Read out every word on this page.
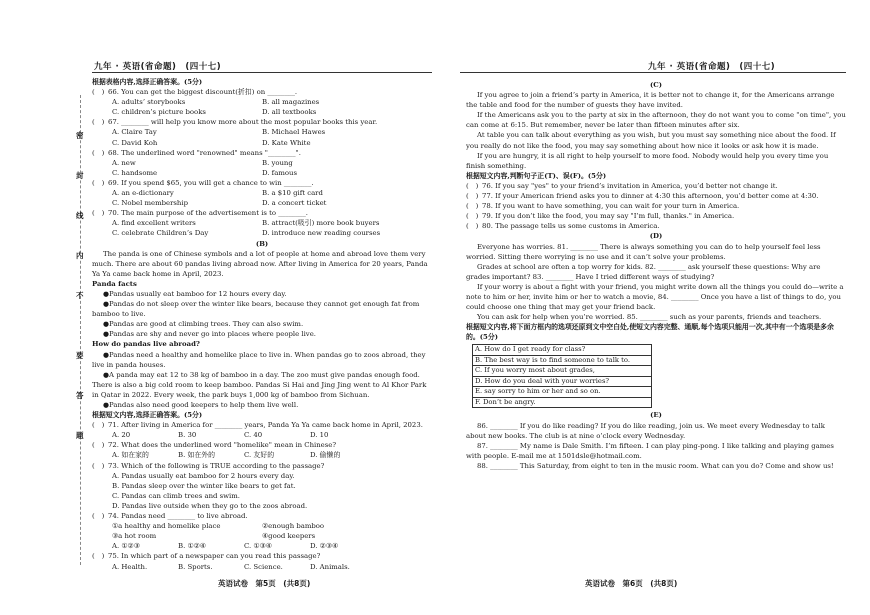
九年 · 英语(省命题)　(四十七)
密
封
线
内
不
要
答
题

根据表格内容,选择正确答案。(5分)

(　) 66. You can get the biggest discount(折扣) on ________.

A. adults’ storybooks	B. all magazines

C. children’s picture books	D. all textbooks

(　) 67. ________ will help you know more about the most popular books this year.

A. Claire Tay	B. Michael Hawes

C. David Koh	D. Kate White

(　) 68. The underlined word "renowned" means "________".

A. new	B. young

C. handsome	D. famous

(　) 69. If you spend $65, you will get a chance to win ________.

A. an e-dictionary	B. a $10 gift card

C. Nobel membership	D. a concert ticket

(　) 70. The main purpose of the advertisement is to ________.

A. find excellent writers	B. attract(吸引) more book buyers

C. celebrate Children’s Day	D. introduce new reading courses

(B)

The panda is one of Chinese symbols and a lot of people at home and abroad love them very much. There are about 60 pandas living abroad now. After living in America for 20 years, Panda Ya Ya came back home in April, 2023.

Panda facts

● Pandas usually eat bamboo for 12 hours every day.

● Pandas do not sleep over the winter like bears, because they cannot get enough fat from bamboo to live.

● Pandas are good at climbing trees. They can also swim.

● Pandas are shy and never go into places where people live.

How do pandas live abroad?

● Pandas need a healthy and homelike place to live in. When pandas go to zoos abroad, they live in panda houses.

● A panda may eat 12 to 38 kg of bamboo in a day. The zoo must give pandas enough food. There is also a big cold room to keep bamboo. Pandas Si Hai and Jing Jing went to Al Khor Park in Qatar in 2022. Every week, the park buys 1,000 kg of bamboo from Sichuan.

● Pandas also need good keepers to help them live well.

根据短文内容,选择正确答案。(5分)

(　) 71. After living in America for ________ years, Panda Ya Ya came back home in April, 2023.

A. 20	B. 30	C. 40	D. 10

(　) 72. What does the underlined word "homelike" mean in Chinese?

A. 如在家的	B. 如在外的	C. 友好的	D. 偷懒的

(　) 73. Which of the following is TRUE according to the passage?

A. Pandas usually eat bamboo for 2 hours every day.

B. Pandas sleep over the winter like bears to get fat.

C. Pandas can climb trees and swim.

D. Pandas live outside when they go to the zoos abroad.

(　) 74. Pandas need ________ to live abroad.

①a healthy and homelike place	②enough bamboo

③a hot room	④good keepers

A. ①②③	B. ①②④	C. ①③④	D. ②③④

(　) 75. In which part of a newspaper can you read this passage?

A. Health.	B. Sports.	C. Science.	D. Animals.

英语试卷　第5页　(共8页)
九年 · 英语(省命题)　(四十七)

(C)

If you agree to join a friend’s party in America, it is better not to change it, for the Americans arrange the table and food for the number of guests they have invited.

If the Americans ask you to the party at six in the afternoon, they do not want you to come "on time", you can come at 6:15. But remember, never be later than fifteen minutes after six.

At table you can talk about everything as you wish, but you must say something nice about the food. If you really do not like the food, you may say something about how nice it looks or ask how it is made.

If you are hungry, it is all right to help yourself to more food. Nobody would help you every time you finish something.

根据短文内容,判断句子正(T)、误(F)。(5分)

(　) 76. If you say "yes" to your friend’s invitation in America, you’d better not change it.

(　) 77. If your American friend asks you to dinner at 4:30 this afternoon, you’d better come at 4:30.

(　) 78. If you want to have something, you can wait for your turn in America.

(　) 79. If you don’t like the food, you may say "I’m full, thanks." in America.

(　) 80. The passage tells us some customs in America.

(D)

Everyone has worries. 81. ________ There is always something you can do to help yourself feel less worried. Sitting there worrying is no use and it can’t solve your problems.

Grades at school are often a top worry for kids. 82. ________ ask yourself these questions: Why are grades important? 83. ________ Have I tried different ways of studying?

If your worry is about a fight with your friend, you might write down all the things you could do—write a note to him or her, invite him or her to watch a movie, 84. ________ Once you have a list of things to do, you could choose one thing that may get your friend back.

You can ask for help when you’re worried. 85. ________ such as your parents, friends and teachers.

根据短文内容,将下面方框内的选项还原到文中空白处,使短文内容完整、通顺,每个选项只能用一次,其中有一个选项是多余的。(5分)

A. How do I get ready for class?
B. The best way is to find someone to talk to.
C. If you worry most about grades,
D. How do you deal with your worries?
E. say sorry to him or her and so on.
F. Don’t be angry.

(E)

86. ________ If you do like reading? If you do like reading, join us. We meet every Wednesday to talk about new books. The club is at nine o’clock every Wednesday.

87. ________ My name is Dale Smith. I’m fifteen. I can play ping-pong. I like talking and playing games with people. E-mail me at 1501dsle@hotmail.com.

88. ________ This Saturday, from eight to ten in the music room. What can you do? Come and show us!

英语试卷　第6页　(共8页)
